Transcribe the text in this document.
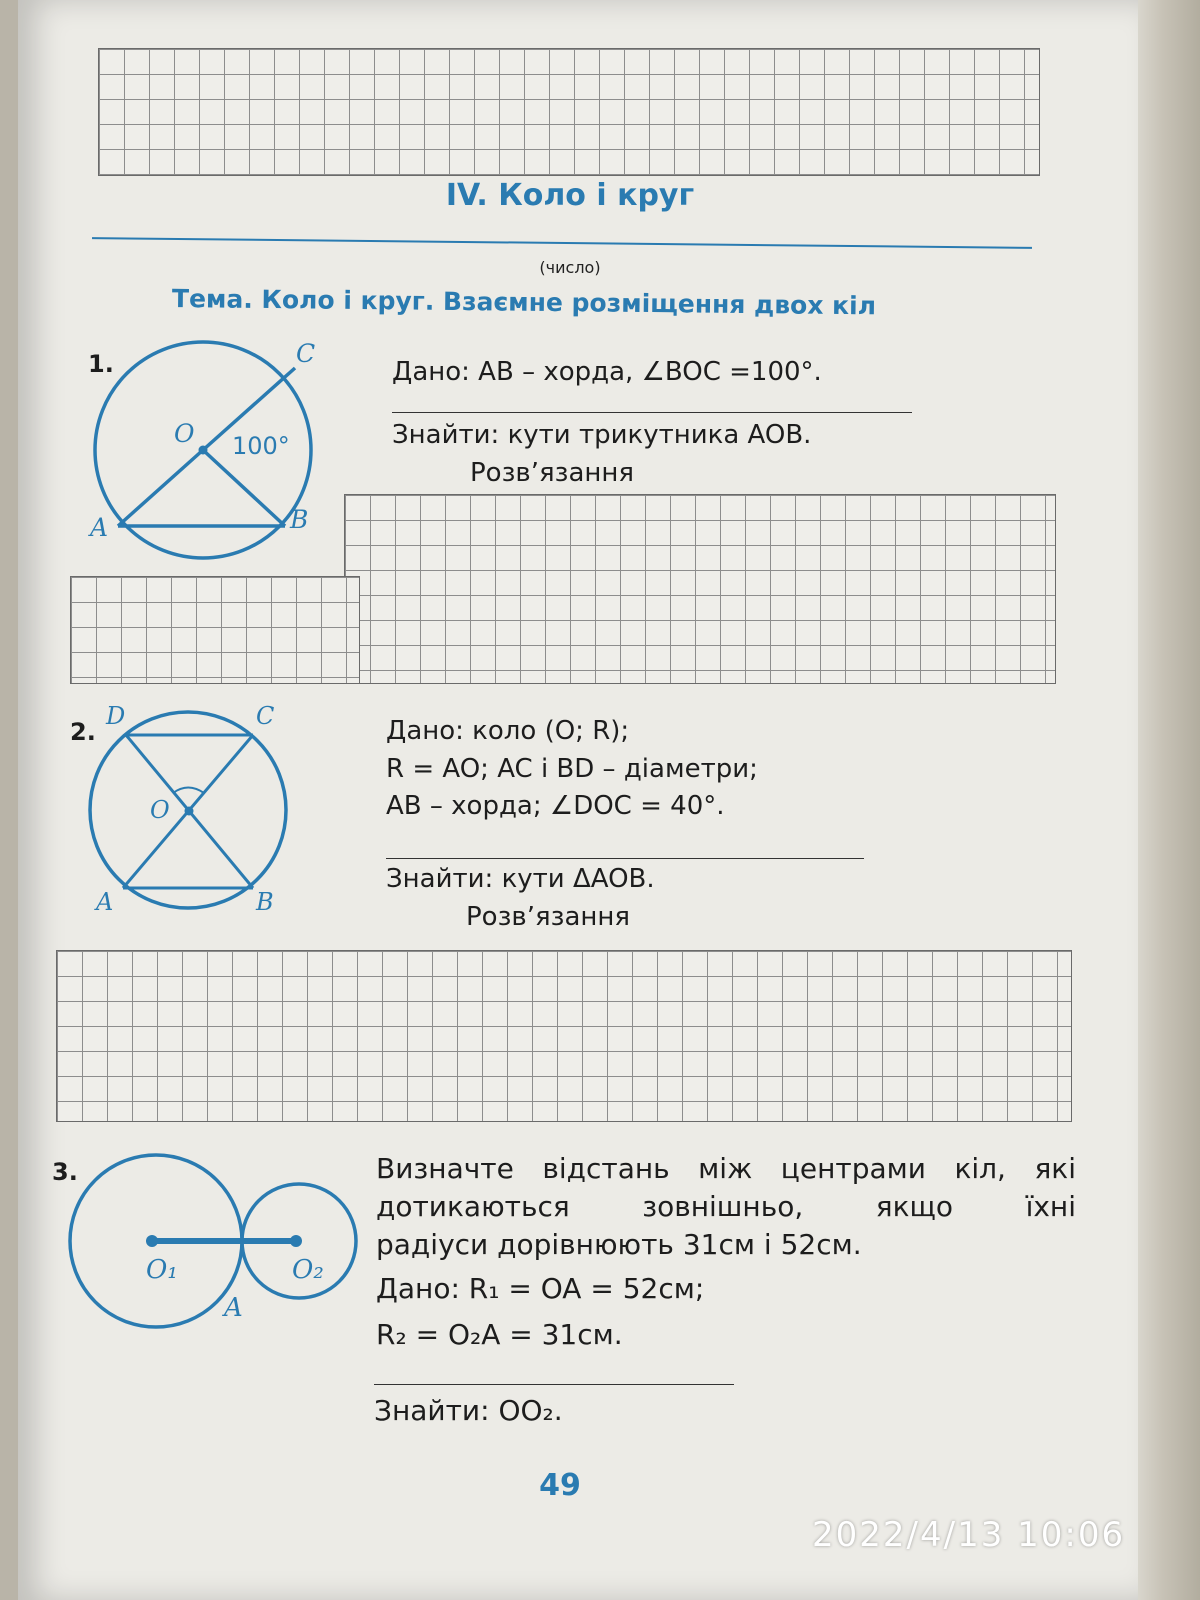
IV. Коло і круг
(число)
Тема. Коло і круг. Взаємне розміщення двох кіл
1.	C
O 100°
A	B
Дано: AB – хорда, ∠BOC =100°.
Знайти: кути трикутника AOB.
Розв’язання
2.
D	C
O
A	B
Дано: коло (O; R);
R = AO; AC і BD – діаметри;
AB – хорда; ∠DOC = 40°.
Знайти: кути ΔAOB.
Розв’язання
3.
O₁	O₂
A
Визначте відстань між центрами кіл, які
дотикаються зовнішньо, якщо їхні
радіуси дорівнюють 31см і 52см.
Дано: R₁ = OA = 52см;
R₂ = O₂A = 31см.
Знайти: OO₂.
49
2022/4/13 10:06
